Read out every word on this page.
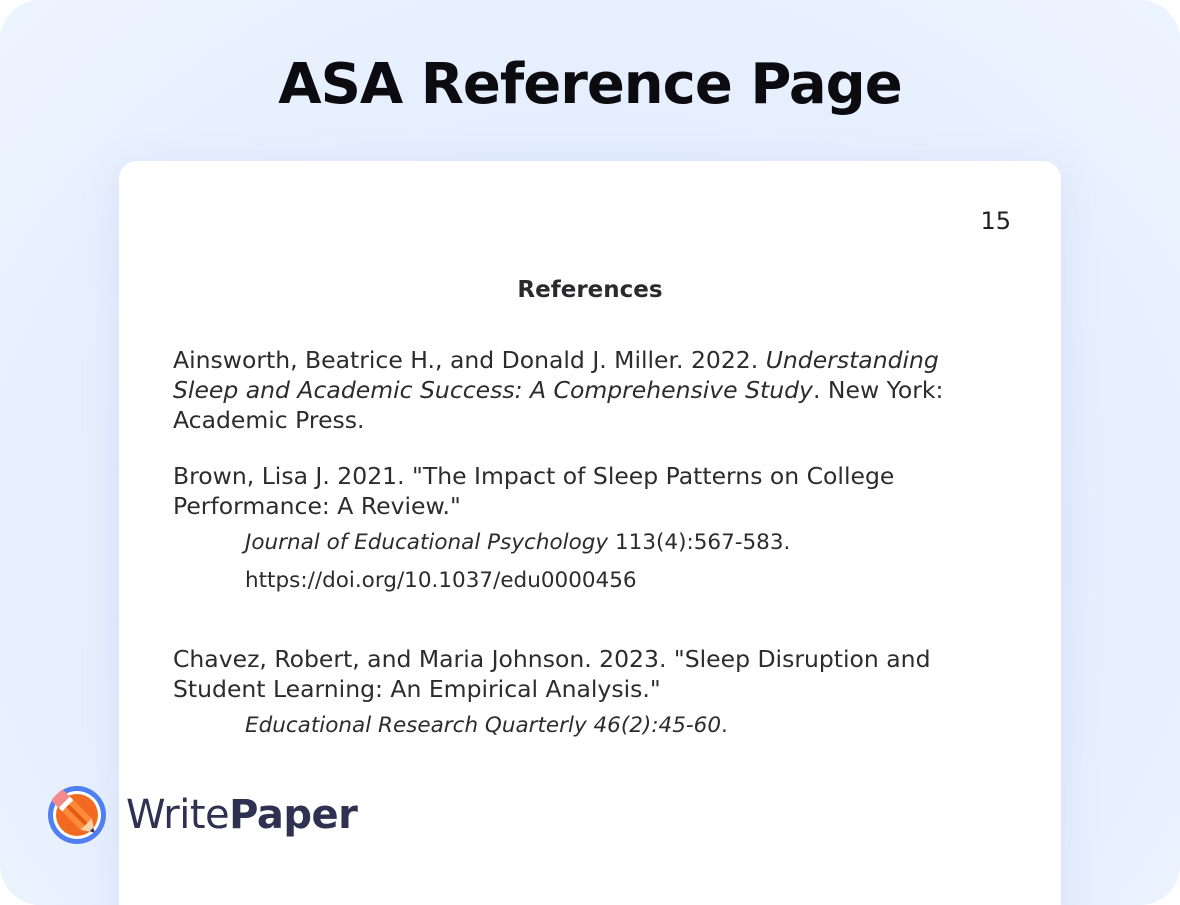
ASA Reference Page
15
References
Ainsworth, Beatrice H., and Donald J. Miller. 2022. Understanding Sleep and Academic Success: A Comprehensive Study. New York: Academic Press.
Brown, Lisa J. 2021. "The Impact of Sleep Patterns on College Performance: A Review."
Journal of Educational Psychology 113(4):567-583.
https://doi.org/10.1037/edu0000456
Chavez, Robert, and Maria Johnson. 2023. "Sleep Disruption and Student Learning: An Empirical Analysis."
Educational Research Quarterly 46(2):45-60.
WritePaper
